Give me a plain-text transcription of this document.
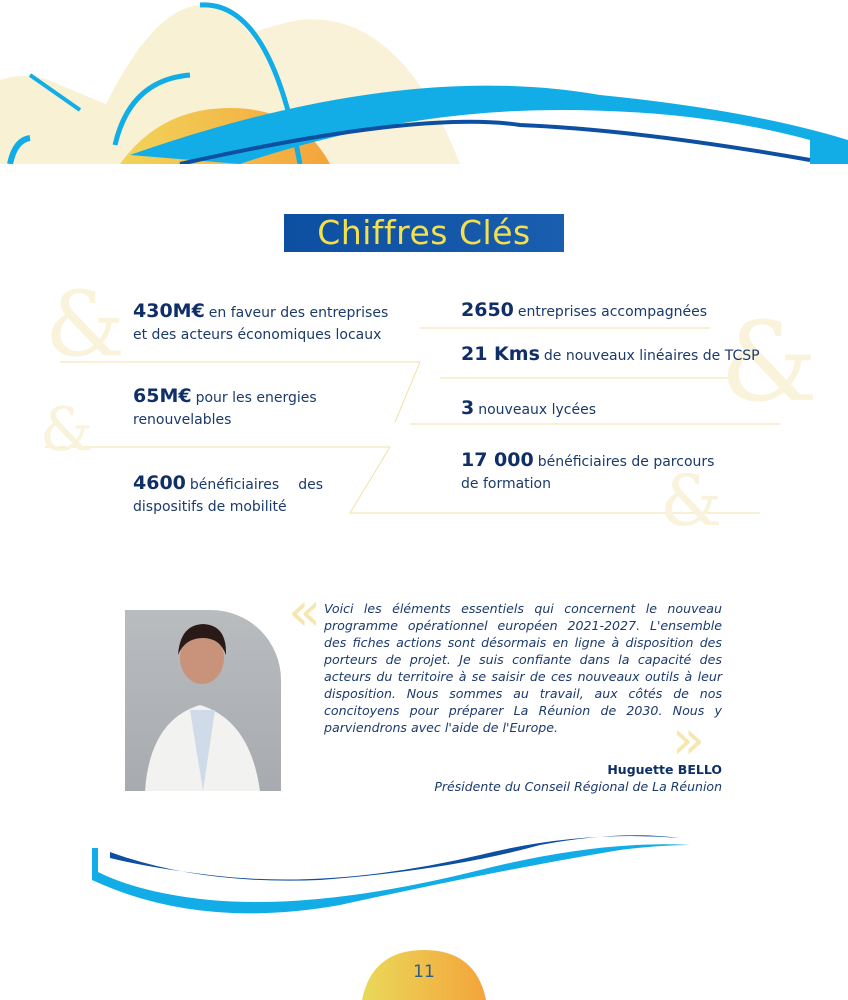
Chiffres Clés
&
&
&
&
430M€ en faveur des entreprises et des acteurs économiques locaux
65M€ pour les energies renouvelables
4600 bénéficiaires des dispositifs de mobilité
2650 entreprises accompagnées
21 Kms de nouveaux linéaires de TCSP
3 nouveaux lycées
17 000 bénéficiaires de parcours de formation
«
»
Voici les éléments essentiels qui concernent le nouveau programme opérationnel européen 2021-2027. L'ensemble des fiches actions sont désormais en ligne à disposition des porteurs de projet. Je suis confiante dans la capacité des acteurs du territoire à se saisir de ces nouveaux outils à leur disposition. Nous sommes au travail, aux côtés de nos concitoyens pour préparer La Réunion de 2030. Nous y parviendrons avec l'aide de l'Europe.
Huguette BELLO
Présidente du Conseil Régional de La Réunion
11
